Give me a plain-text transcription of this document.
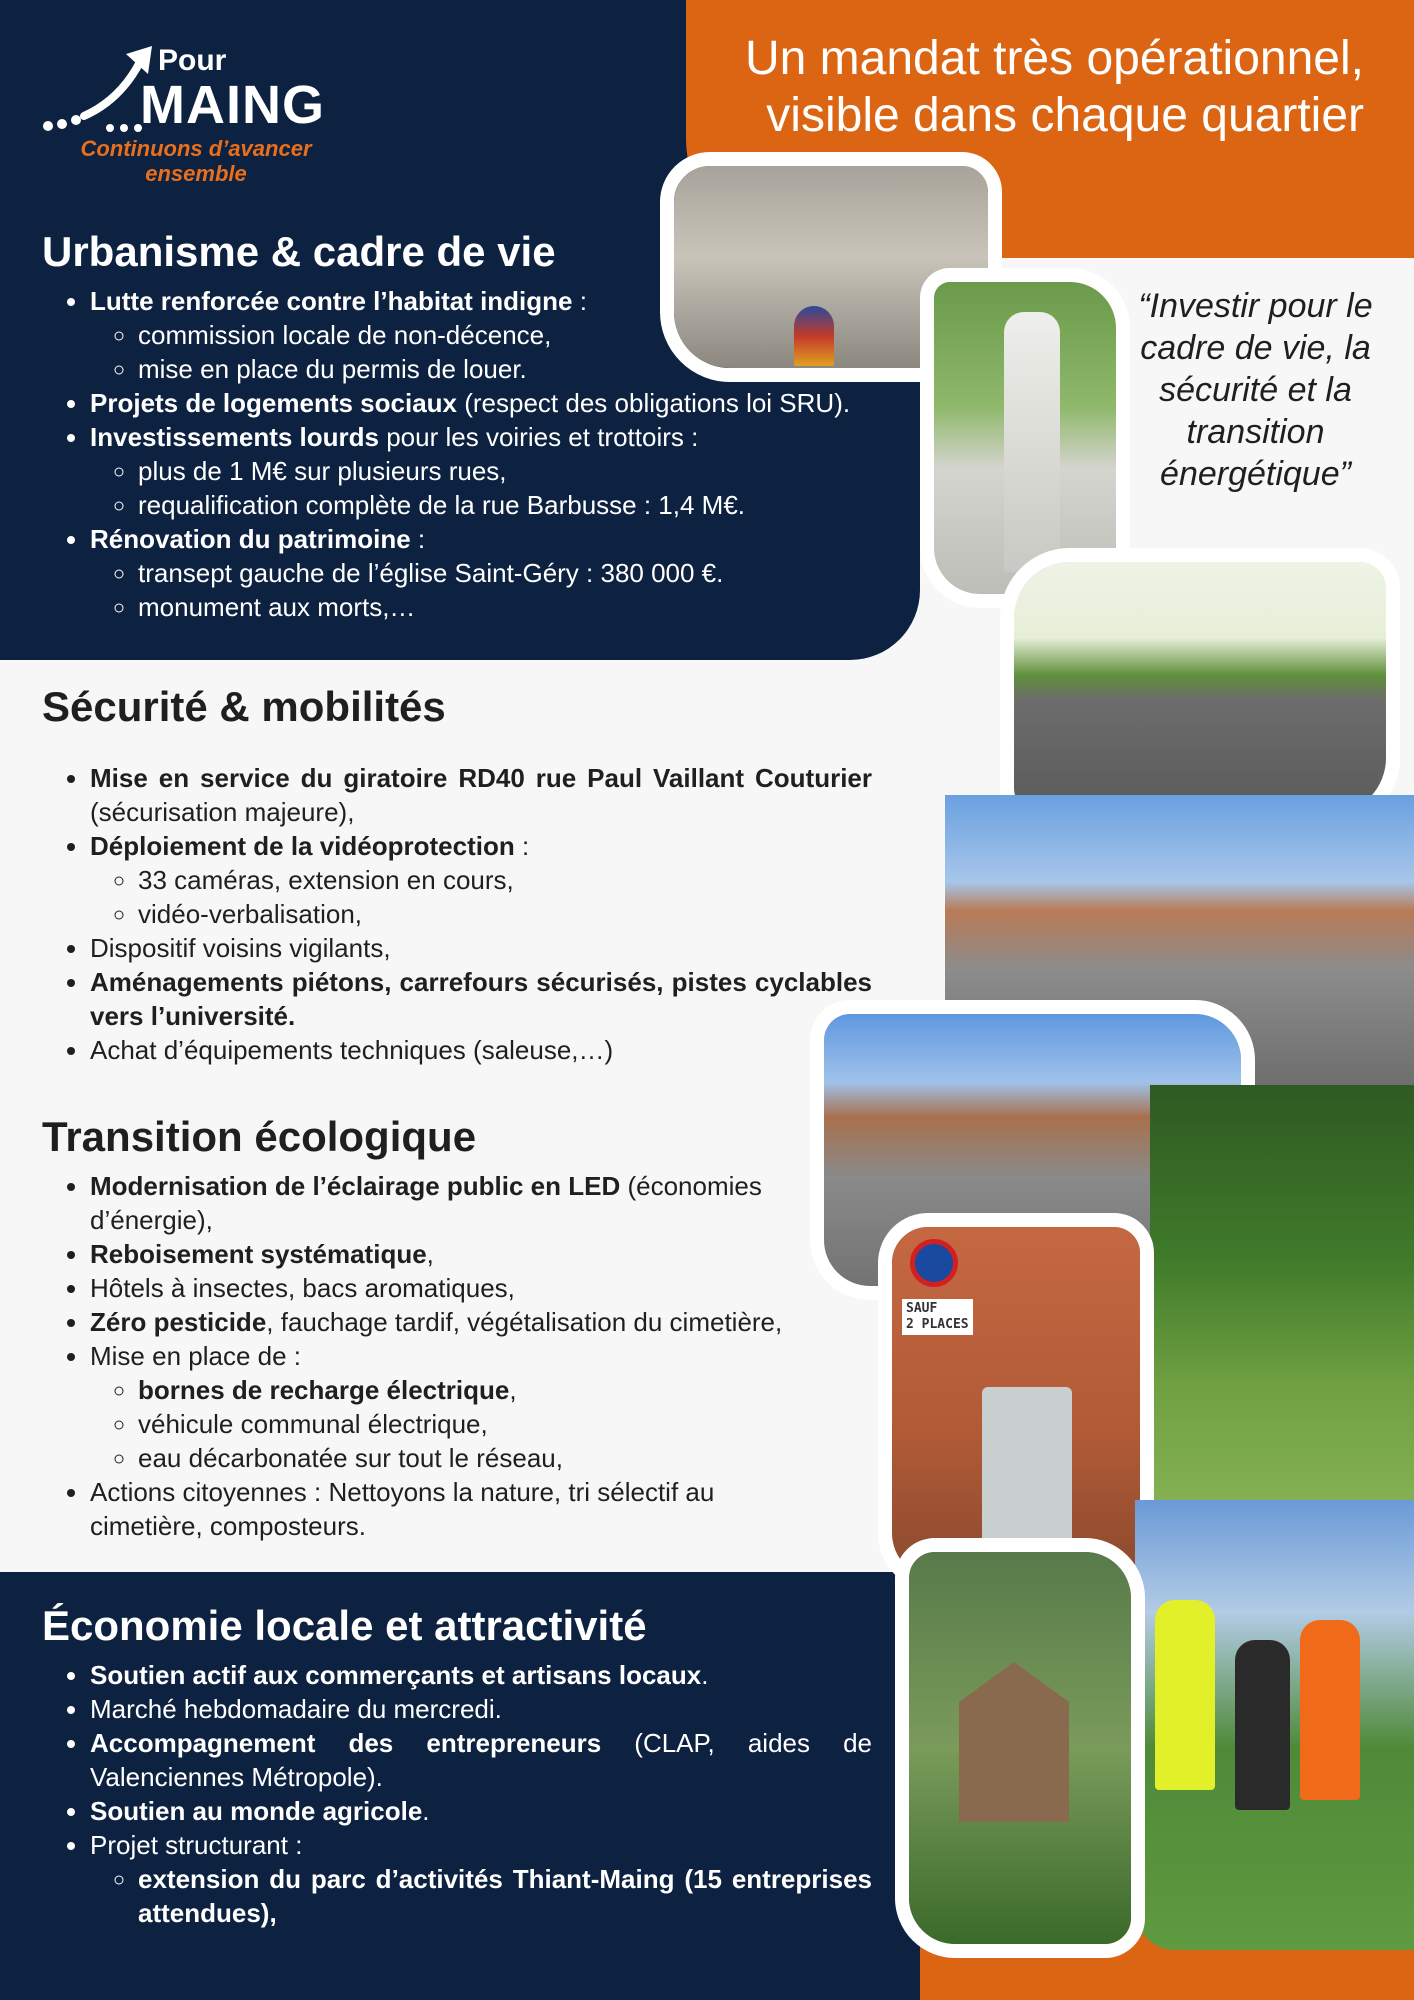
Pour
MAING
Continuons d’avancer ensemble
Un mandat très opérationnel, visible dans chaque quartier
“Investir pour le cadre de vie, la sécurité et la transition énergétique”
SAUF
2 PLACES
Urbanisme & cadre de vie
• Lutte renforcée contre l’habitat indigne :
◦ commission locale de non-décence,
◦ mise en place du permis de louer.
• Projets de logements sociaux (respect des obligations loi SRU).
• Investissements lourds pour les voiries et trottoirs :
◦ plus de 1 M€ sur plusieurs rues,
◦ requalification complète de la rue Barbusse : 1,4 M€.
• Rénovation du patrimoine :
◦ transept gauche de l’église Saint-Géry : 380 000 €.
◦ monument aux morts,…
Sécurité & mobilités
• Mise en service du giratoire RD40 rue Paul Vaillant Couturier (sécurisation majeure),
• Déploiement de la vidéoprotection :
◦ 33 caméras, extension en cours,
◦ vidéo-verbalisation,
• Dispositif voisins vigilants,
• Aménagements piétons, carrefours sécurisés, pistes cyclables vers l’université.
• Achat d’équipements techniques (saleuse,…)
Transition écologique
• Modernisation de l’éclairage public en LED (économies d’énergie),
• Reboisement systématique,
• Hôtels à insectes, bacs aromatiques,
• Zéro pesticide, fauchage tardif, végétalisation du cimetière,
• Mise en place de :
◦ bornes de recharge électrique,
◦ véhicule communal électrique,
◦ eau décarbonatée sur tout le réseau,
• Actions citoyennes : Nettoyons la nature, tri sélectif au cimetière, composteurs.
Économie locale et attractivité
• Soutien actif aux commerçants et artisans locaux.
• Marché hebdomadaire du mercredi.
• Accompagnement des entrepreneurs (CLAP, aides de Valenciennes Métropole).
• Soutien au monde agricole.
• Projet structurant :
◦ extension du parc d’activités Thiant-Maing (15 entreprises attendues),
